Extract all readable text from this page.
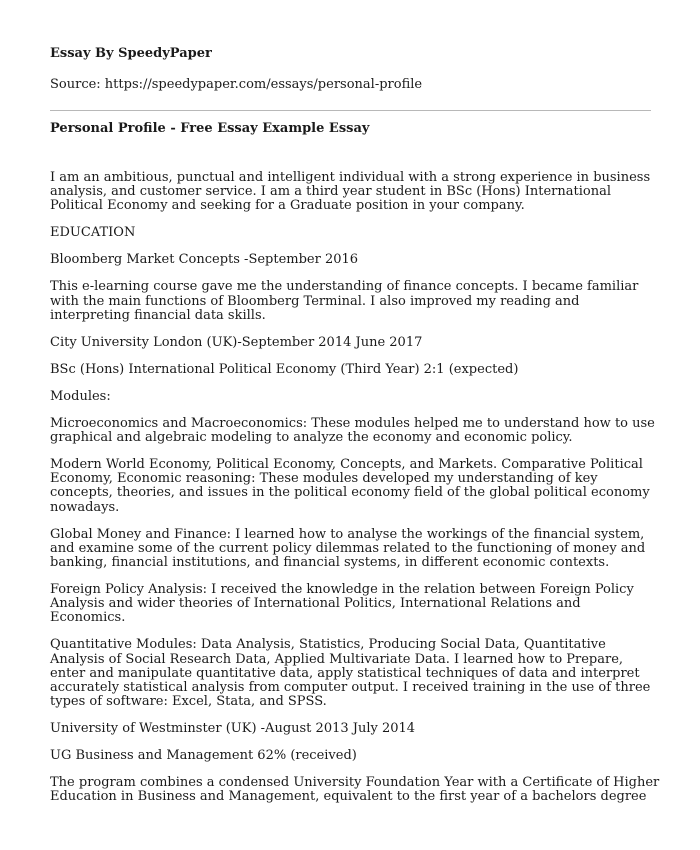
Essay By SpeedyPaper

Source: https://speedypaper.com/essays/personal-profile

Personal Profile - Free Essay Example Essay

I am an ambitious, punctual and intelligent individual with a strong experience in business analysis, and customer service. I am a third year student in BSc (Hons) International Political Economy and seeking for a Graduate position in your company.

EDUCATION

Bloomberg Market Concepts -September 2016

This e-learning course gave me the understanding of finance concepts. I became familiar with the main functions of Bloomberg Terminal. I also improved my reading and interpreting financial data skills.

City University London (UK)-September 2014 June 2017

BSc (Hons) International Political Economy (Third Year) 2:1 (expected)

Modules:

Microeconomics and Macroeconomics: These modules helped me to understand how to use graphical and algebraic modeling to analyze the economy and economic policy.

Modern World Economy, Political Economy, Concepts, and Markets. Comparative Political Economy, Economic reasoning: These modules developed my understanding of key concepts, theories, and issues in the political economy field of the global political economy nowadays.

Global Money and Finance: I learned how to analyse the workings of the financial system, and examine some of the current policy dilemmas related to the functioning of money and banking, financial institutions, and financial systems, in different economic contexts.

Foreign Policy Analysis: I received the knowledge in the relation between Foreign Policy Analysis and wider theories of International Politics, International Relations and Economics.

Quantitative Modules: Data Analysis, Statistics, Producing Social Data, Quantitative Analysis of Social Research Data, Applied Multivariate Data. I learned how to Prepare, enter and manipulate quantitative data, apply statistical techniques of data and interpret accurately statistical analysis from computer output. I received training in the use of three types of software: Excel, Stata, and SPSS.

University of Westminster (UK) -August 2013 July 2014

UG Business and Management 62% (received)

The program combines a condensed University Foundation Year with a Certificate of Higher Education in Business and Management, equivalent to the first year of a bachelors degree
